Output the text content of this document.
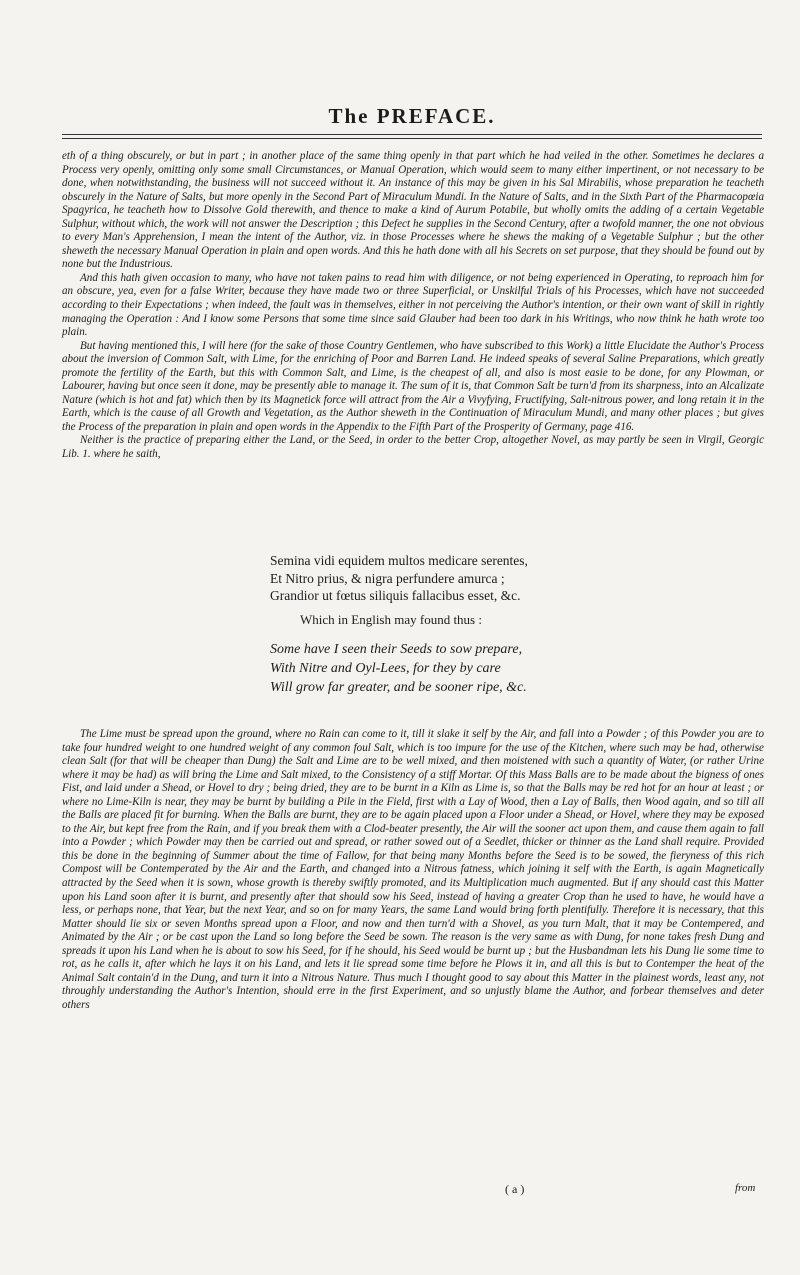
The PREFACE.

eth of a thing obscurely, or but in part ; in another place of the same thing openly in that part which he had veiled in the other. Sometimes he declares a Process very openly, omitting only some small Circumstances, or Manual Operation, which would seem to many either impertinent, or not necessary to be done, when notwithstanding, the business will not succeed without it. An instance of this may be given in his Sal Mirabilis, whose preparation he teacheth obscurely in the Nature of Salts, but more openly in the Second Part of Miraculum Mundi. In the Nature of Salts, and in the Sixth Part of the Pharmacopœia Spagyrica, he teacheth how to Dissolve Gold therewith, and thence to make a kind of Aurum Potabile, but wholly omits the adding of a certain Vegetable Sulphur, without which, the work will not answer the Description ; this Defect he supplies in the Second Century, after a twofold manner, the one not obvious to every Man's Apprehension, I mean the intent of the Author, viz. in those Processes where he shews the making of a Vegetable Sulphur ; but the other sheweth the necessary Manual Operation in plain and open words. And this he hath done with all his Secrets on set purpose, that they should be found out by none but the Industrious.

And this hath given occasion to many, who have not taken pains to read him with diligence, or not being experienced in Operating, to reproach him for an obscure, yea, even for a false Writer, because they have made two or three Superficial, or Unskilful Trials of his Processes, which have not succeeded according to their Expectations ; when indeed, the fault was in themselves, either in not perceiving the Author's intention, or their own want of skill in rightly managing the Operation : And I know some Persons that some time since said Glauber had been too dark in his Writings, who now think he hath wrote too plain.

But having mentioned this, I will here (for the sake of those Country Gentlemen, who have subscribed to this Work) a little Elucidate the Author's Process about the inversion of Common Salt, with Lime, for the enriching of Poor and Barren Land. He indeed speaks of several Saline Preparations, which greatly promote the fertility of the Earth, but this with Common Salt, and Lime, is the cheapest of all, and also is most easie to be done, for any Plowman, or Labourer, having but once seen it done, may be presently able to manage it. The sum of it is, that Common Salt be turn'd from its sharpness, into an Alcalizate Nature (which is hot and fat) which then by its Magnetick force will attract from the Air a Vivyfying, Fructifying, Salt-nitrous power, and long retain it in the Earth, which is the cause of all Growth and Vegetation, as the Author sheweth in the Continuation of Miraculum Mundi, and many other places ; but gives the Process of the preparation in plain and open words in the Appendix to the Fifth Part of the Prosperity of Germany, page 416.

Neither is the practice of preparing either the Land, or the Seed, in order to the better Crop, altogether Novel, as may partly be seen in Virgil, Georgic Lib. 1. where he saith,

Semina vidi equidem multos medicare serentes,
Et Nitro prius, & nigra perfundere amurca ;
Grandior ut fœtus siliquis fallacibus esset, &c.
Which in English may found thus :
Some have I seen their Seeds to sow prepare,
With Nitre and Oyl-Lees, for they by care
Will grow far greater, and be sooner ripe, &c.

The Lime must be spread upon the ground, where no Rain can come to it, till it slake it self by the Air, and fall into a Powder ; of this Powder you are to take four hundred weight to one hundred weight of any common foul Salt, which is too impure for the use of the Kitchen, where such may be had, otherwise clean Salt (for that will be cheaper than Dung) the Salt and Lime are to be well mixed, and then moistened with such a quantity of Water, (or rather Urine where it may be had) as will bring the Lime and Salt mixed, to the Consistency of a stiff Mortar. Of this Mass Balls are to be made about the bigness of ones Fist, and laid under a Shead, or Hovel to dry ; being dried, they are to be burnt in a Kiln as Lime is, so that the Balls may be red hot for an hour at least ; or where no Lime-Kiln is near, they may be burnt by building a Pile in the Field, first with a Lay of Wood, then a Lay of Balls, then Wood again, and so till all the Balls are placed fit for burning. When the Balls are burnt, they are to be again placed upon a Floor under a Shead, or Hovel, where they may be exposed to the Air, but kept free from the Rain, and if you break them with a Clod-beater presently, the Air will the sooner act upon them, and cause them again to fall into a Powder ; which Powder may then be carried out and spread, or rather sowed out of a Seedlet, thicker or thinner as the Land shall require. Provided this be done in the beginning of Summer about the time of Fallow, for that being many Months before the Seed is to be sowed, the fieryness of this rich Compost will be Contemperated by the Air and the Earth, and changed into a Nitrous fatness, which joining it self with the Earth, is again Magnetically attracted by the Seed when it is sown, whose growth is thereby swiftly promoted, and its Multiplication much augmented. But if any should cast this Matter upon his Land soon after it is burnt, and presently after that should sow his Seed, instead of having a greater Crop than he used to have, he would have a less, or perhaps none, that Year, but the next Year, and so on for many Years, the same Land would bring forth plentifully. Therefore it is necessary, that this Matter should lie six or seven Months spread upon a Floor, and now and then turn'd with a Shovel, as you turn Malt, that it may be Contempered, and Animated by the Air ; or be cast upon the Land so long before the Seed be sown. The reason is the very same as with Dung, for none takes fresh Dung and spreads it upon his Land when he is about to sow his Seed, for if he should, his Seed would be burnt up ; but the Husbandman lets his Dung lie some time to rot, as he calls it, after which he lays it on his Land, and lets it lie spread some time before he Plows it in, and all this is but to Contemper the heat of the Animal Salt contain'd in the Dung, and turn it into a Nitrous Nature. Thus much I thought good to say about this Matter in the plainest words, least any, not throughly understanding the Author's Intention, should erre in the first Experiment, and so unjustly blame the Author, and forbear themselves and deter others

( a )	from
